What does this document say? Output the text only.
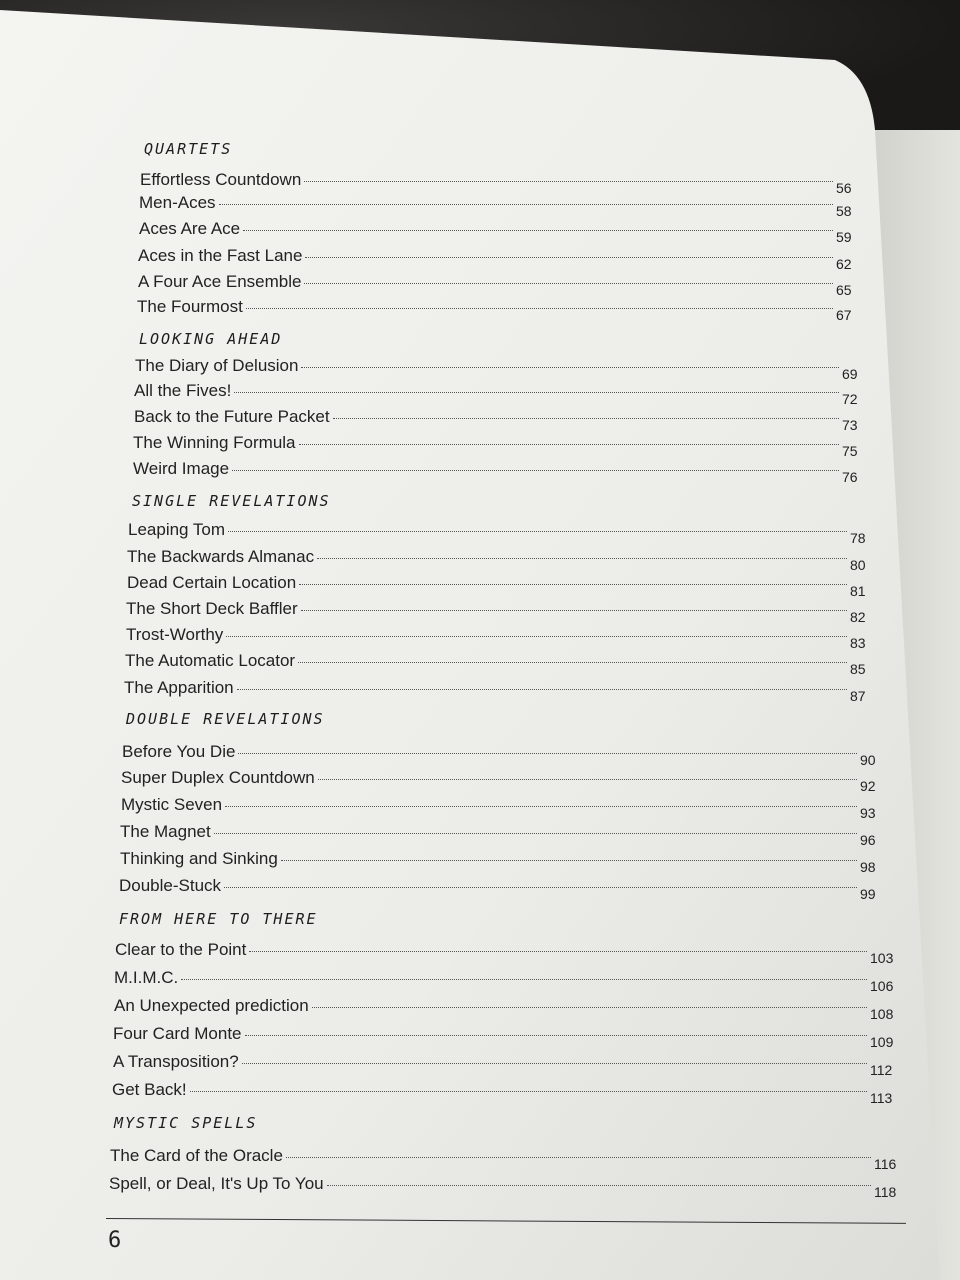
QUARTETS
Effortless Countdown	56
Men-Aces	58
Aces Are Ace	59
Aces in the Fast Lane	62
A Four Ace Ensemble	65
The Fourmost	67
LOOKING AHEAD
The Diary of Delusion	69
All the Fives!	72
Back to the Future Packet	73
The Winning Formula	75
Weird Image	76
SINGLE REVELATIONS
Leaping Tom	78
The Backwards Almanac	80
Dead Certain Location	81
The Short Deck Baffler	82
Trost-Worthy	83
The Automatic Locator	85
The Apparition	87
DOUBLE REVELATIONS
Before You Die	90
Super Duplex Countdown	92
Mystic Seven	93
The Magnet	96
Thinking and Sinking	98
Double-Stuck	99
FROM HERE TO THERE
Clear to the Point	103
M.I.M.C.	106
An Unexpected prediction	108
Four Card Monte	109
A Transposition?	112
Get Back!	113
MYSTIC SPELLS
The Card of the Oracle	116
Spell, or Deal, It's Up To You	118
6
